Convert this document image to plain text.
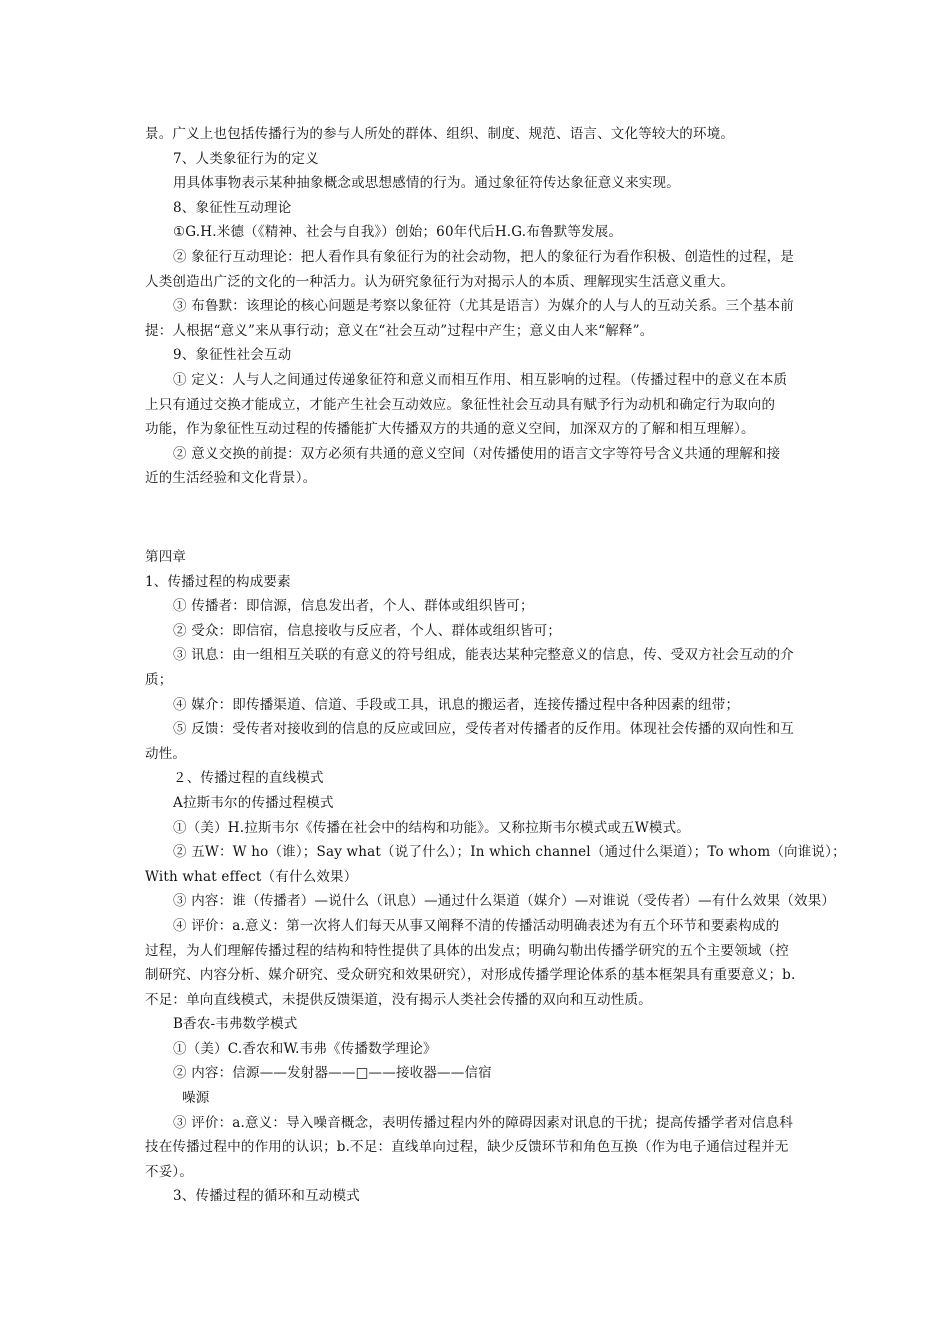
景。广义上也包括传播行为的参与人所处的群体、组织、制度、规范、语言、文化等较大的环境。
7、人类象征行为的定义
用具体事物表示某种抽象概念或思想感情的行为。通过象征符传达象征意义来实现。
8、象征性互动理论
①G.H.米德（《精神、社会与自我》）创始；60年代后H.G.布鲁默等发展。
② 象征行互动理论：把人看作具有象征行为的社会动物，把人的象征行为看作积极、创造性的过程，是
人类创造出广泛的文化的一种活力。认为研究象征行为对揭示人的本质、理解现实生活意义重大。
③ 布鲁默：该理论的核心问题是考察以象征符（尤其是语言）为媒介的人与人的互动关系。三个基本前
提：人根据“意义”来从事行动；意义在“社会互动”过程中产生；意义由人来“解释”。
9、象征性社会互动
① 定义：人与人之间通过传递象征符和意义而相互作用、相互影响的过程。（传播过程中的意义在本质
上只有通过交换才能成立，才能产生社会互动效应。象征性社会互动具有赋予行为动机和确定行为取向的
功能，作为象征性互动过程的传播能扩大传播双方的共通的意义空间，加深双方的了解和相互理解）。
② 意义交换的前提：双方必须有共通的意义空间（对传播使用的语言文字等符号含义共通的理解和接
近的生活经验和文化背景）。
第四章
1、传播过程的构成要素
① 传播者：即信源，信息发出者，个人、群体或组织皆可；
② 受众：即信宿，信息接收与反应者，个人、群体或组织皆可；
③ 讯息：由一组相互关联的有意义的符号组成，能表达某种完整意义的信息，传、受双方社会互动的介
质；
④ 媒介：即传播渠道、信道、手段或工具，讯息的搬运者，连接传播过程中各种因素的纽带；
⑤ 反馈：受传者对接收到的信息的反应或回应，受传者对传播者的反作用。体现社会传播的双向性和互
动性。
２、传播过程的直线模式
A拉斯韦尔的传播过程模式
①（美）H.拉斯韦尔《传播在社会中的结构和功能》。又称拉斯韦尔模式或五W模式。
② 五W：W ho（谁）；Say what（说了什么）；In which channel（通过什么渠道）；To whom（向谁说）；
With what effect（有什么效果）
③ 内容：谁（传播者）—说什么（讯息）—通过什么渠道（媒介）—对谁说（受传者）—有什么效果（效果）
④ 评价：a.意义：第一次将人们每天从事又阐释不清的传播活动明确表述为有五个环节和要素构成的
过程，为人们理解传播过程的结构和特性提供了具体的出发点；明确勾勒出传播学研究的五个主要领域（控
制研究、内容分析、媒介研究、受众研究和效果研究），对形成传播学理论体系的基本框架具有重要意义；b.
不足：单向直线模式，未提供反馈渠道，没有揭示人类社会传播的双向和互动性质。
B香农-韦弗数学模式
①（美）C.香农和W.韦弗《传播数学理论》
② 内容：信源——发射器——□——接收器——信宿
噪源
③ 评价：a.意义：导入噪音概念，表明传播过程内外的障碍因素对讯息的干扰；提高传播学者对信息科
技在传播过程中的作用的认识；b.不足：直线单向过程，缺少反馈环节和角色互换（作为电子通信过程并无
不妥）。
3、传播过程的循环和互动模式
